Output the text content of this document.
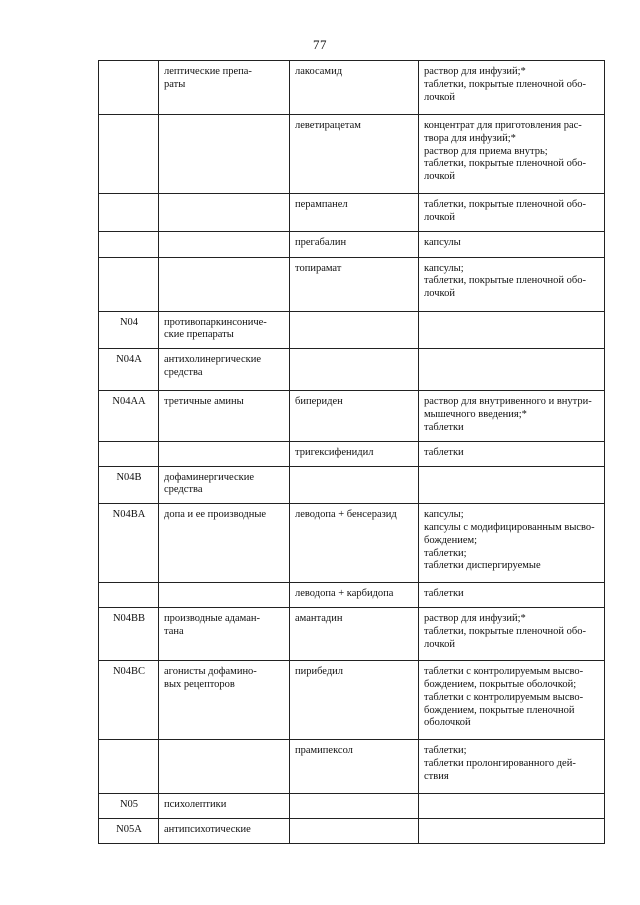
77
	лептические препа-
раты	лакосамид	раствор для инфузий;*
таблетки, покрытые пленочной обо-
лочкой
		леветирацетам	концентрат для приготовления рас-
твора для инфузий;*
раствор для приема внутрь;
таблетки, покрытые пленочной обо-
лочкой
		перампанел	таблетки, покрытые пленочной обо-
лочкой
		прегабалин	капсулы
		топирамат	капсулы;
таблетки, покрытые пленочной обо-
лочкой
N04	противопаркинсониче-
ские препараты		
N04A	антихолинергические
средства		
N04AA	третичные амины	бипериден	раствор для внутривенного и внутри-
мышечного введения;*
таблетки
		тригексифенидил	таблетки
N04B	дофаминергические
средства		
N04BA	допа и ее производные	леводопа + бенсеразид	капсулы;
капсулы с модифицированным высво-
бождением;
таблетки;
таблетки диспергируемые
		леводопа + карбидопа	таблетки
N04BB	производные адаман-
тана	амантадин	раствор для инфузий;*
таблетки, покрытые пленочной обо-
лочкой
N04BC	агонисты дофамино-
вых рецепторов	пирибедил	таблетки с контролируемым высво-
бождением, покрытые оболочкой;
таблетки с контролируемым высво-
бождением, покрытые пленочной
оболочкой
		прамипексол	таблетки;
таблетки пролонгированного дей-
ствия
N05	психолептики		
N05A	антипсихотические		
